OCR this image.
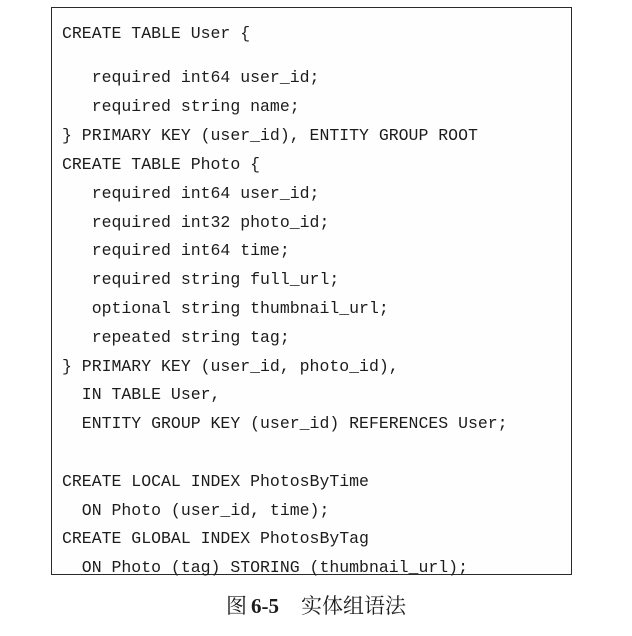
CREATE TABLE User {
required int64 user_id;
required string name;
} PRIMARY KEY (user_id), ENTITY GROUP ROOT
CREATE TABLE Photo {
required int64 user_id;
required int32 photo_id;
required int64 time;
required string full_url;
optional string thumbnail_url;
repeated string tag;
} PRIMARY KEY (user_id, photo_id),
IN TABLE User,
ENTITY GROUP KEY (user_id) REFERENCES User;
CREATE LOCAL INDEX PhotosByTime
ON Photo (user_id, time);
CREATE GLOBAL INDEX PhotosByTag
ON Photo (tag) STORING (thumbnail_url);
图 6-5 实体组语法
